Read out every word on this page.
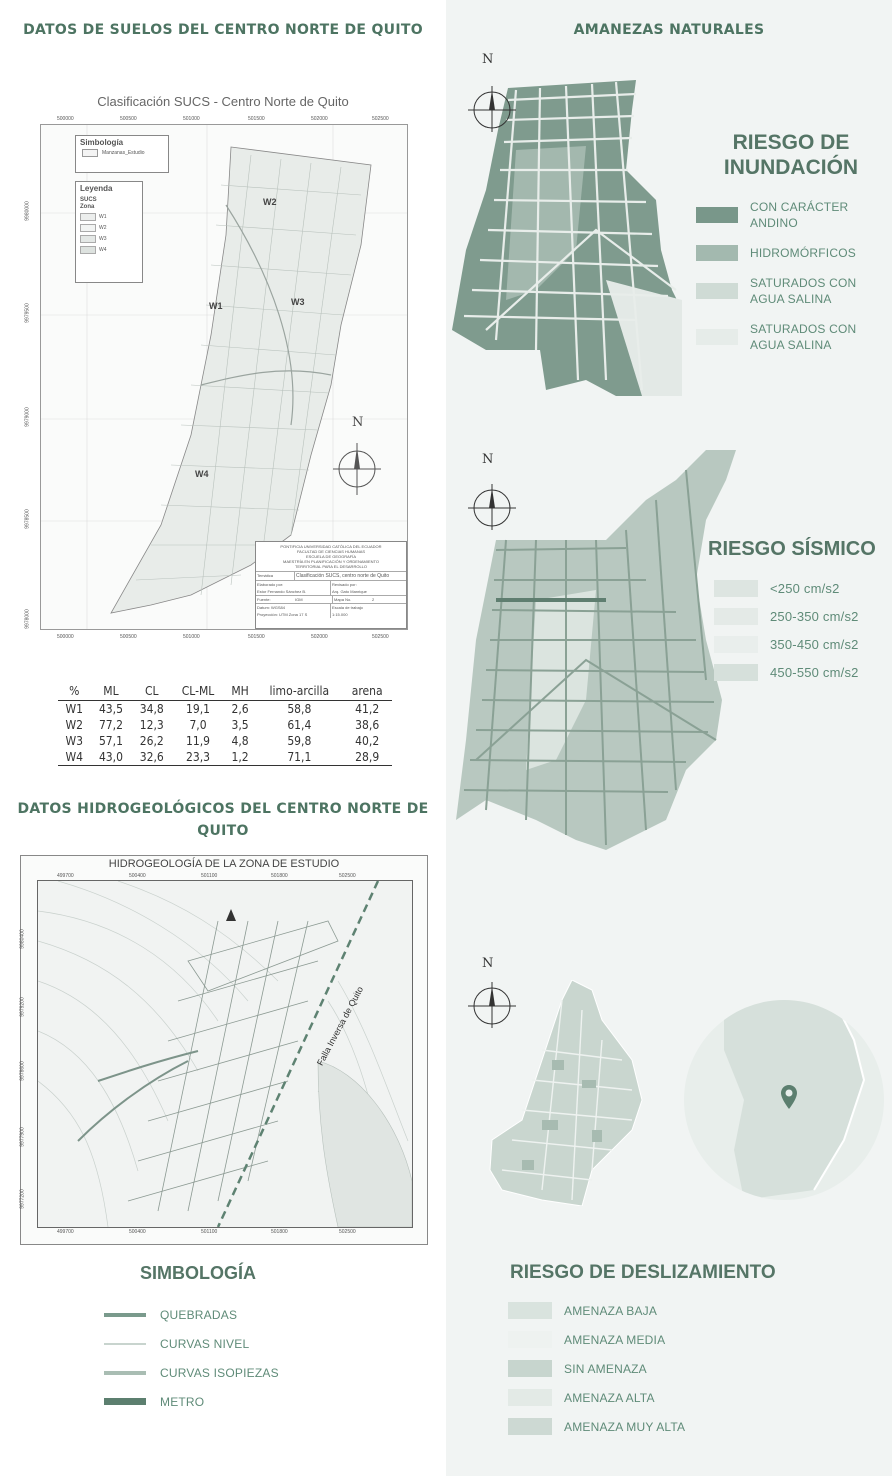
DATOS DE SUELOS DEL CENTRO NORTE DE QUITO
Clasificación SUCS - Centro Norte de Quito
Simbología
Manzanas_Estudio
Leyenda
SUCS
Zona
W1
W2
W3
W4
W2
W1	W3
W4
N
PONTIFICIA UNIVERSIDAD CATÓLICA DEL ECUADOR
FACULTAD DE CIENCIAS HUMANAS
ESCUELA DE GEOGRAFÍA
MAESTRÍA EN PLANIFICACIÓN Y ORDENAMIENTO
TERRITORIAL PARA EL DESARROLLO
Temática	Clasificación SUCS, centro norte de Quito
Elaborado por:
Estor Fernando Sánchez B.
Revisado por:
Arq. Gato Manrique
Fuente:	IGM	Mapa No.	2
Datum: WGS84	Escala de trabajo
Proyección: UTM Zona 17 S	1:15.000
500000	500500	501000	501500	502000	502500
500000	500500	501000	501500	502000	502500
9980000
9979500
9979000
9978500
9978000
%	ML	CL	CL-ML	MH	limo-arcilla	arena
W1	43,5	34,8	19,1	2,6	58,8	41,2
W2	77,2	12,3	7,0	3,5	61,4	38,6
W3	57,1	26,2	11,9	4,8	59,8	40,2
W4	43,0	32,6	23,3	1,2	71,1	28,9
DATOS HIDROGEOLÓGICOS DEL CENTRO NORTE DE
QUITO
HIDROGEOLOGÍA DE LA ZONA DE ESTUDIO
Falla Inversa de Quito
499700	500400	501100	501800	502500
499700	500400	501100	501800	502500
9980400
9979200
9978600
9977900
9977200
SIMBOLOGÍA
QUEBRADAS
CURVAS NIVEL
CURVAS ISOPIEZAS
METRO
AMANEZAS NATURALES
N
RIESGO DE
INUNDACIÓN
CON CARÁCTER
ANDINO
HIDROMÓRFICOS
SATURADOS CON
AGUA SALINA
SATURADOS CON
AGUA SALINA
N
RIESGO SÍSMICO
<250 cm/s2
250-350 cm/s2
350-450 cm/s2
450-550 cm/s2
N
RIESGO DE DESLIZAMIENTO
AMENAZA BAJA
AMENAZA MEDIA
SIN AMENAZA
AMENAZA ALTA
AMENAZA MUY ALTA
